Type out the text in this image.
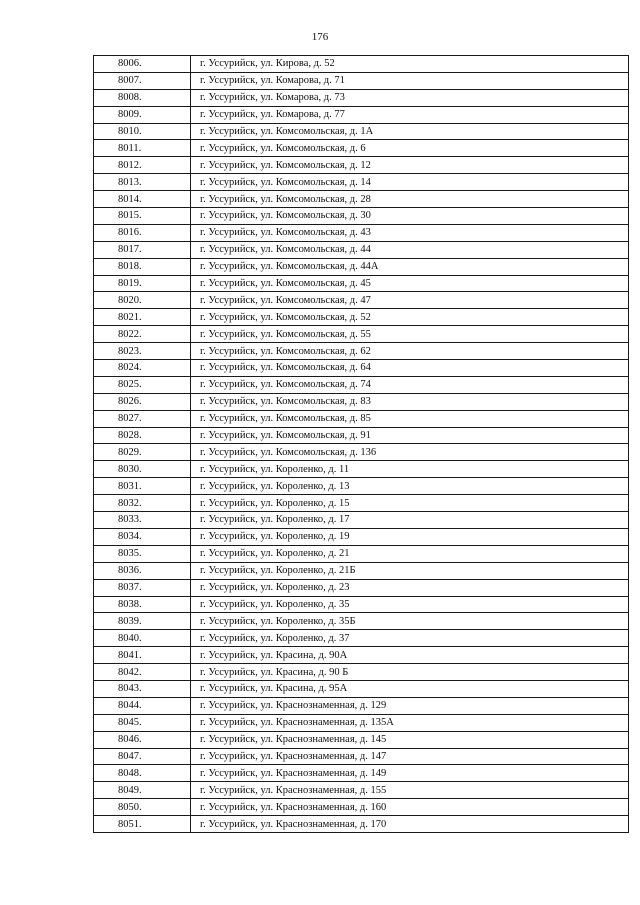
176
8006.	г. Уссурийск, ул. Кирова, д. 52
8007.	г. Уссурийск, ул. Комарова, д. 71
8008.	г. Уссурийск, ул. Комарова, д. 73
8009.	г. Уссурийск, ул. Комарова, д. 77
8010.	г. Уссурийск, ул. Комсомольская, д. 1А
8011.	г. Уссурийск, ул. Комсомольская, д. 6
8012.	г. Уссурийск, ул. Комсомольская, д. 12
8013.	г. Уссурийск, ул. Комсомольская, д. 14
8014.	г. Уссурийск, ул. Комсомольская, д. 28
8015.	г. Уссурийск, ул. Комсомольская, д. 30
8016.	г. Уссурийск, ул. Комсомольская, д. 43
8017.	г. Уссурийск, ул. Комсомольская, д. 44
8018.	г. Уссурийск, ул. Комсомольская, д. 44А
8019.	г. Уссурийск, ул. Комсомольская, д. 45
8020.	г. Уссурийск, ул. Комсомольская, д. 47
8021.	г. Уссурийск, ул. Комсомольская, д. 52
8022.	г. Уссурийск, ул. Комсомольская, д. 55
8023.	г. Уссурийск, ул. Комсомольская, д. 62
8024.	г. Уссурийск, ул. Комсомольская, д. 64
8025.	г. Уссурийск, ул. Комсомольская, д. 74
8026.	г. Уссурийск, ул. Комсомольская, д. 83
8027.	г. Уссурийск, ул. Комсомольская, д. 85
8028.	г. Уссурийск, ул. Комсомольская, д. 91
8029.	г. Уссурийск, ул. Комсомольская, д. 136
8030.	г. Уссурийск, ул. Короленко, д. 11
8031.	г. Уссурийск, ул. Короленко, д. 13
8032.	г. Уссурийск, ул. Короленко, д. 15
8033.	г. Уссурийск, ул. Короленко, д. 17
8034.	г. Уссурийск, ул. Короленко, д. 19
8035.	г. Уссурийск, ул. Короленко, д. 21
8036.	г. Уссурийск, ул. Короленко, д. 21Б
8037.	г. Уссурийск, ул. Короленко, д. 23
8038.	г. Уссурийск, ул. Короленко, д. 35
8039.	г. Уссурийск, ул. Короленко, д. 35Б
8040.	г. Уссурийск, ул. Короленко, д. 37
8041.	г. Уссурийск, ул. Красина, д. 90А
8042.	г. Уссурийск, ул. Красина, д. 90 Б
8043.	г. Уссурийск, ул. Красина, д. 95А
8044.	г. Уссурийск, ул. Краснознаменная, д. 129
8045.	г. Уссурийск, ул. Краснознаменная, д. 135А
8046.	г. Уссурийск, ул. Краснознаменная, д. 145
8047.	г. Уссурийск, ул. Краснознаменная, д. 147
8048.	г. Уссурийск, ул. Краснознаменная, д. 149
8049.	г. Уссурийск, ул. Краснознаменная, д. 155
8050.	г. Уссурийск, ул. Краснознаменная, д. 160
8051.	г. Уссурийск, ул. Краснознаменная, д. 170
